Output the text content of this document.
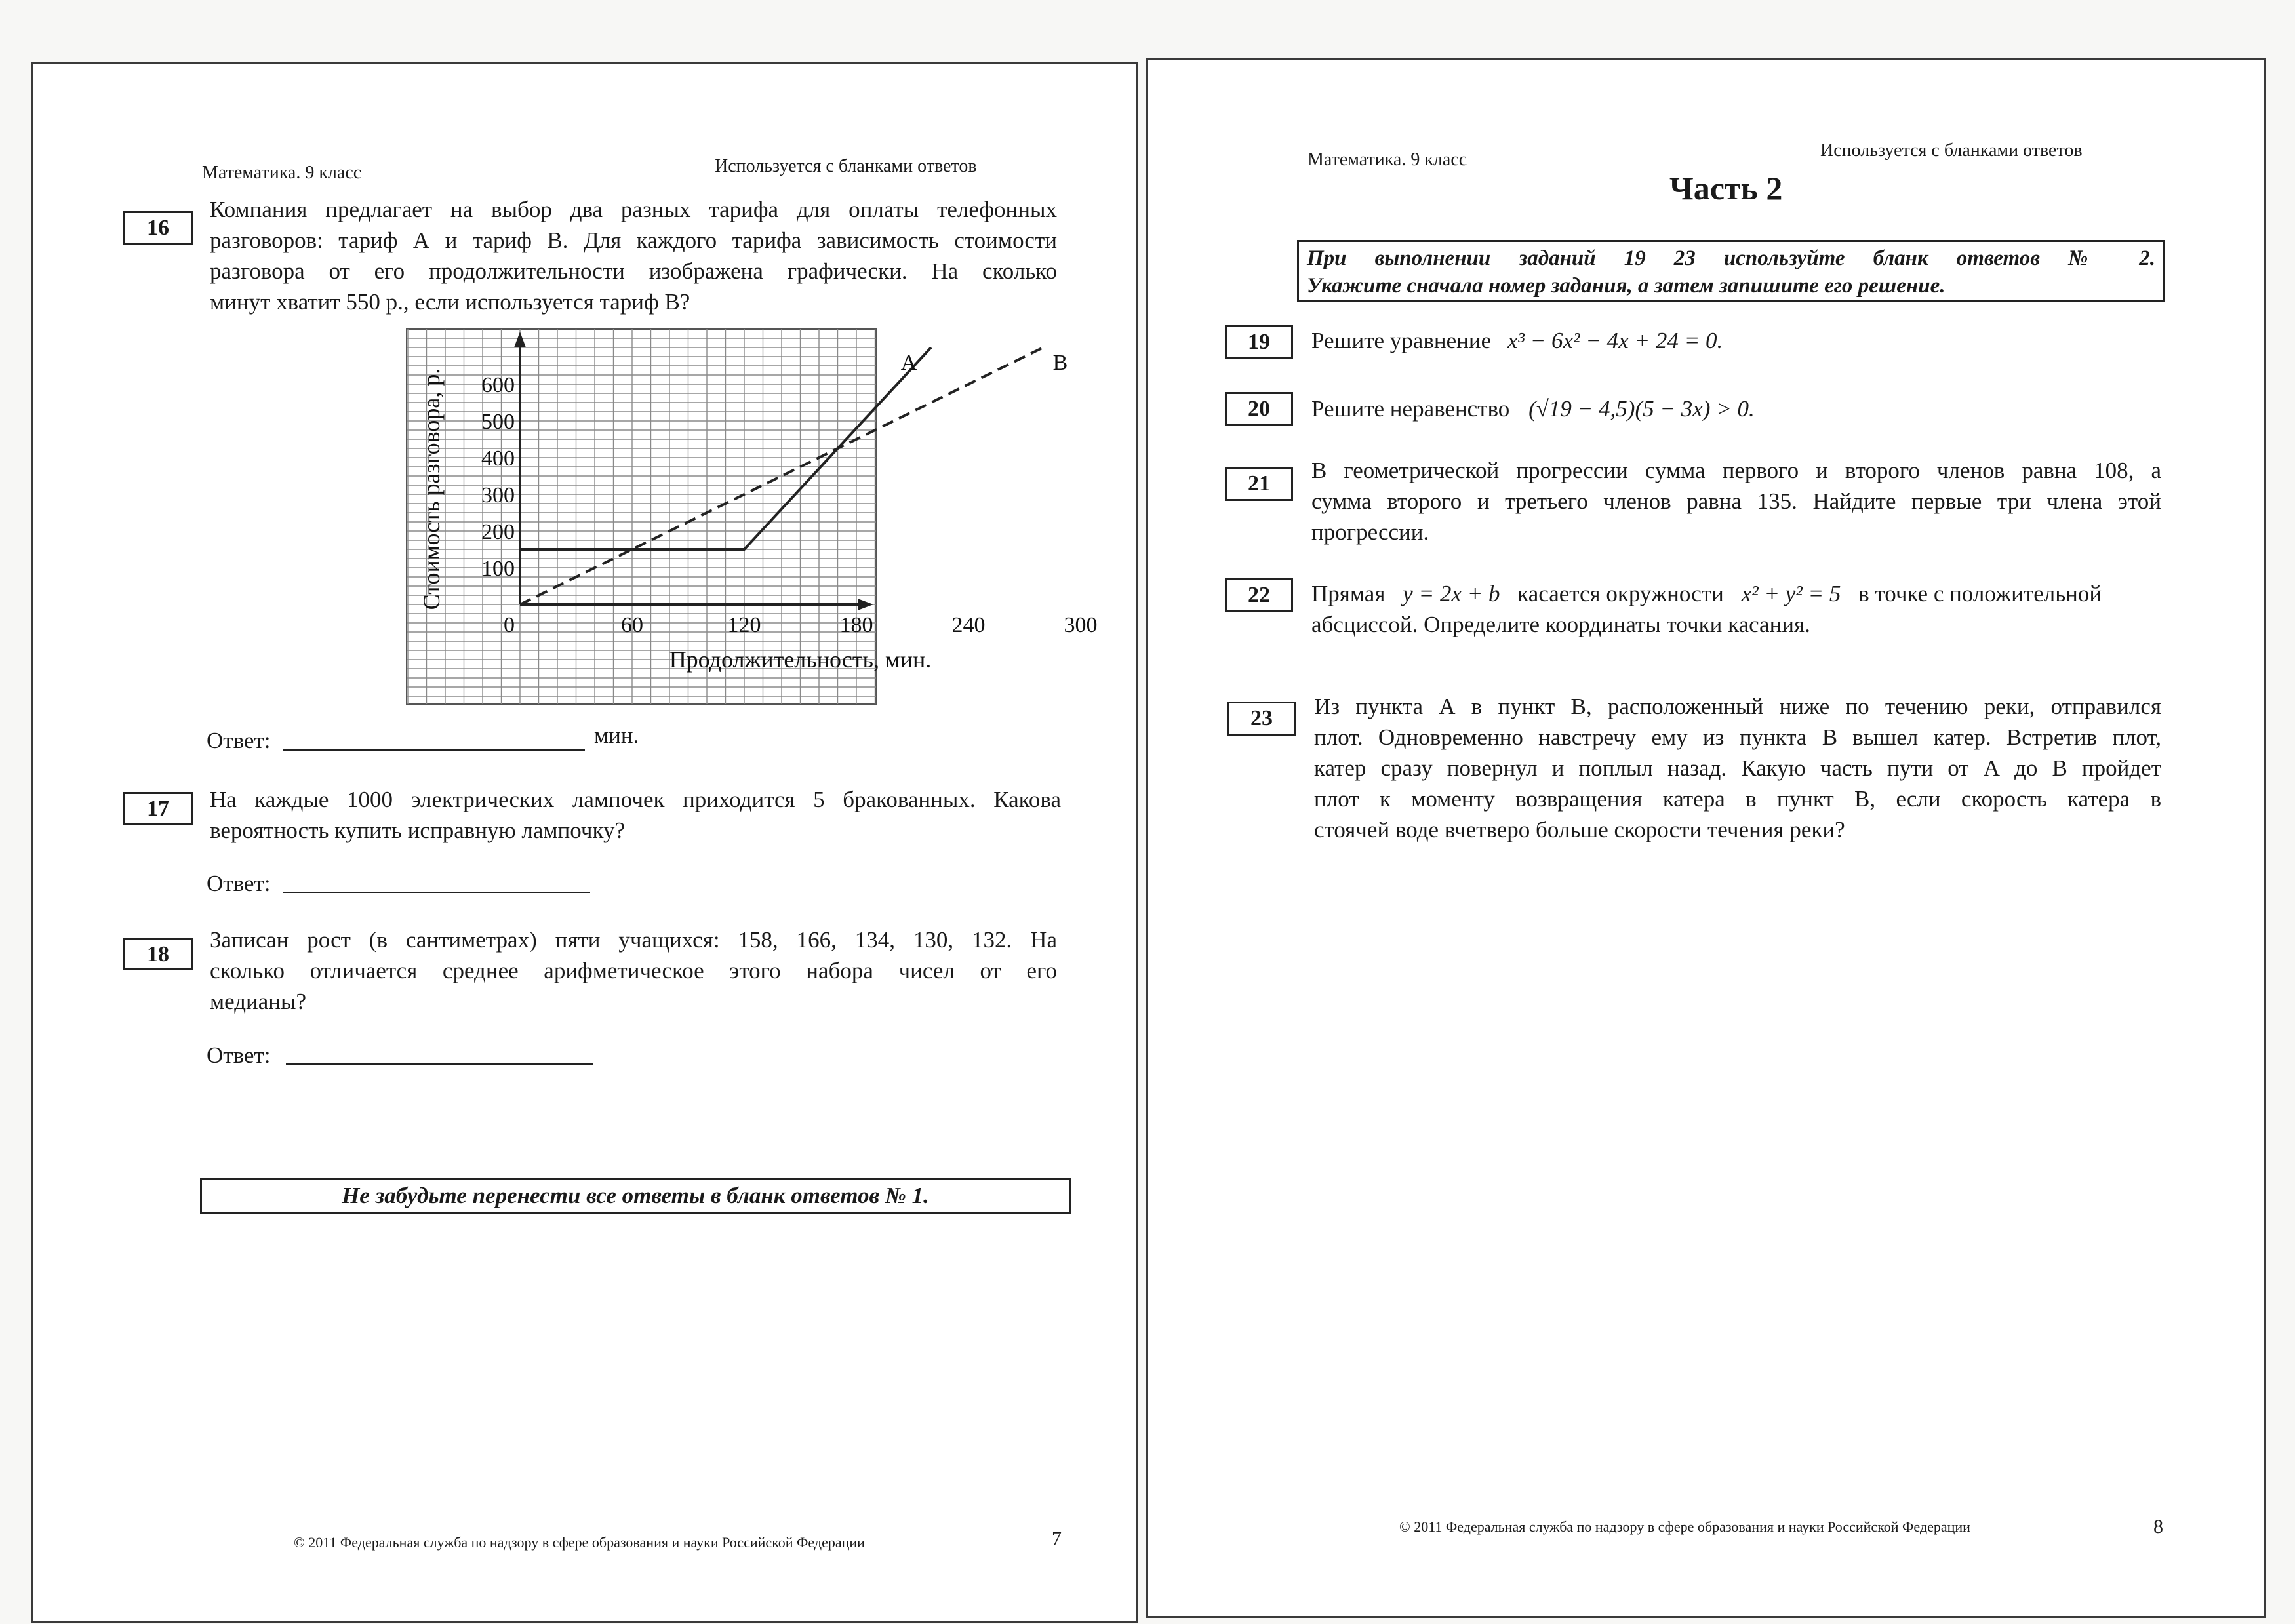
Математика. 9 класс	Используется с бланками ответов
16
Компания предлагает на выбор два разных тарифа для оплаты телефонных
разговоров: тариф А и тариф В. Для каждого тарифа зависимость стоимости
разговора от его продолжительности изображена графически. На сколько
минут хватит 550 р., если используется тариф В?
100
200
300
400
500
600
0	60	120	180	240	300
Продолжительность, мин.
Стоимость разговора, р.
A	B
Ответ:	мин.
17	На каждые 1000 электрических лампочек приходится 5 бракованных. Какова
вероятность купить исправную лампочку?
Ответ:
18
Записан рост (в сантиметрах) пяти учащихся: 158, 166, 134, 130, 132. На
сколько отличается среднее арифметическое этого набора чисел от его
медианы?
Ответ:
Не забудьте перенести все ответы в бланк ответов № 1.
© 2011 Федеральная служба по надзору в сфере образования и науки Российской Федерации	7
Математика. 9 класс	Используется с бланками ответов
Часть 2
При выполнении заданий 19 23 используйте бланк ответов № 2.
Укажите сначала номер задания, а затем запишите его решение.
19	Решите уравнение x³ − 6x² − 4x + 24 = 0.
20	Решите неравенство (√19 − 4,5)(5 − 3x) > 0.
21
В геометрической прогрессии сумма первого и второго членов равна 108, а
сумма второго и третьего членов равна 135. Найдите первые три члена этой
прогрессии.
22	Прямая y = 2x + b касается окружности x² + y² = 5 в точке с положительной
абсциссой. Определите координаты точки касания.
23	Из пункта А в пункт В, расположенный ниже по течению реки, отправился
плот. Одновременно навстречу ему из пункта В вышел катер. Встретив плот,
катер сразу повернул и поплыл назад. Какую часть пути от А до В пройдет
плот к моменту возвращения катера в пункт В, если скорость катера в
стоячей воде вчетверо больше скорости течения реки?
© 2011 Федеральная служба по надзору в сфере образования и науки Российской Федерации	8
